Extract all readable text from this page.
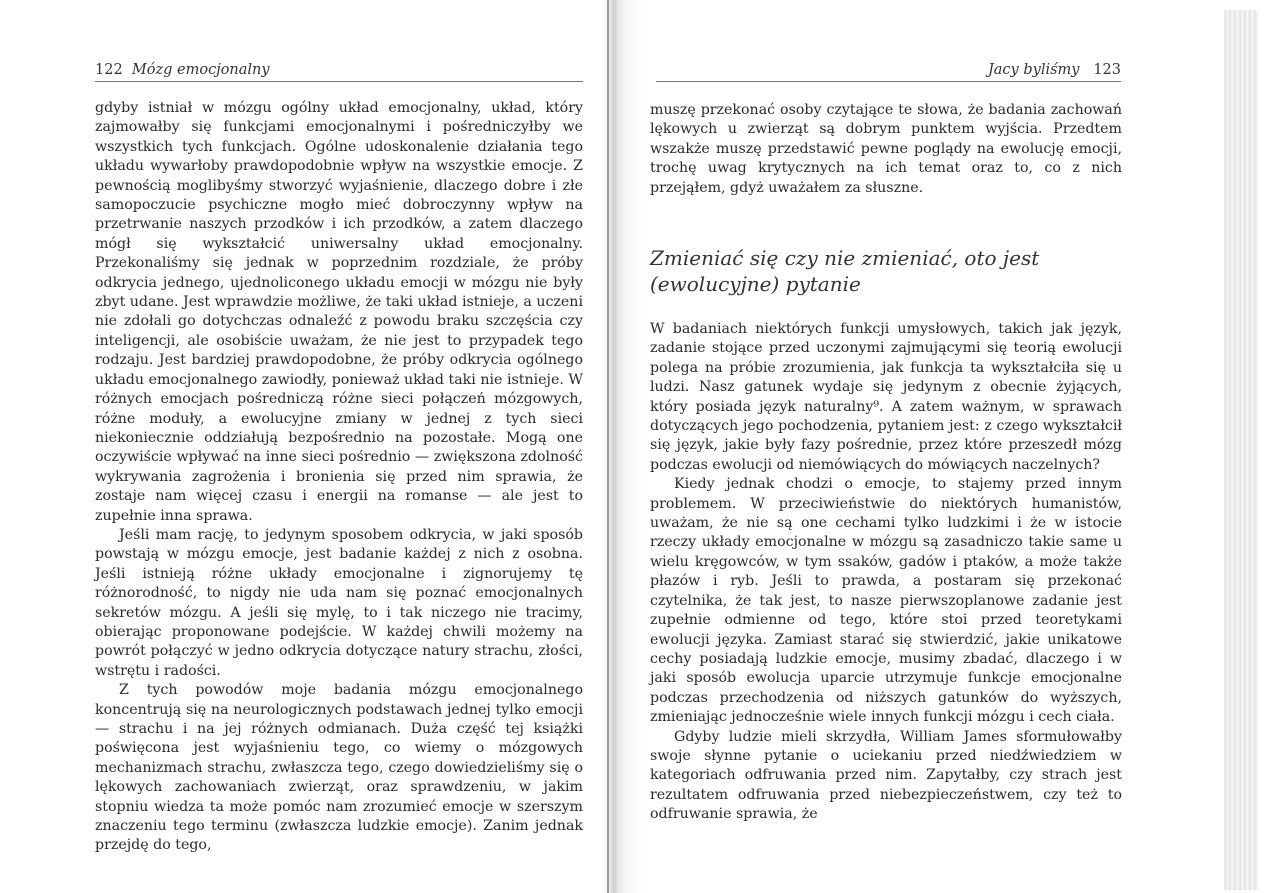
122 Mózg emocjonalny

gdyby istniał w mózgu ogólny układ emocjonalny, układ, który zajmowałby się funkcjami emocjonalnymi i pośredniczyłby we wszystkich tych funkcjach. Ogólne udoskonalenie działania tego układu wywarłoby prawdopodobnie wpływ na wszystkie emocje. Z pewnością moglibyśmy stworzyć wyjaśnienie, dlaczego dobre i złe samopoczucie psychiczne mogło mieć dobroczynny wpływ na przetrwanie naszych przodków i ich przodków, a zatem dlaczego mógł się wykształcić uniwersalny układ emocjonalny. Przekonaliśmy się jednak w poprzednim rozdziale, że próby odkrycia jednego, ujednoliconego układu emocji w mózgu nie były zbyt udane. Jest wprawdzie możliwe, że taki układ istnieje, a uczeni nie zdołali go dotychczas odnaleźć z powodu braku szczęścia czy inteligencji, ale osobiście uważam, że nie jest to przypadek tego rodzaju. Jest bardziej prawdopodobne, że próby odkrycia ogólnego układu emocjonalnego zawiodły, ponieważ układ taki nie istnieje. W różnych emocjach pośredniczą różne sieci połączeń mózgowych, różne moduły, a ewolucyjne zmiany w jednej z tych sieci niekoniecznie oddziałują bezpośrednio na pozostałe. Mogą one oczywiście wpływać na inne sieci pośrednio — zwiększona zdolność wykrywania zagrożenia i bronienia się przed nim sprawia, że zostaje nam więcej czasu i energii na romanse — ale jest to zupełnie inna sprawa.

Jeśli mam rację, to jedynym sposobem odkrycia, w jaki sposób powstają w mózgu emocje, jest badanie każdej z nich z osobna. Jeśli istnieją różne układy emocjonalne i zignorujemy tę różnorodność, to nigdy nie uda nam się poznać emocjonalnych sekretów mózgu. A jeśli się mylę, to i tak niczego nie tracimy, obierając proponowane podejście. W każdej chwili możemy na powrót połączyć w jedno odkrycia dotyczące natury strachu, złości, wstrętu i radości.

Z tych powodów moje badania mózgu emocjonalnego koncentrują się na neurologicznych podstawach jednej tylko emocji — strachu i na jej różnych odmianach. Duża część tej książki poświęcona jest wyjaśnieniu tego, co wiemy o mózgowych mechanizmach strachu, zwłaszcza tego, czego dowiedzieliśmy się o lękowych zachowaniach zwierząt, oraz sprawdzeniu, w jakim stopniu wiedza ta może pomóc nam zrozumieć emocje w szerszym znaczeniu tego terminu (zwłaszcza ludzkie emocje). Zanim jednak przejdę do tego,

Jacy byliśmy 123

muszę przekonać osoby czytające te słowa, że badania zachowań lękowych u zwierząt są dobrym punktem wyjścia. Przedtem wszakże muszę przedstawić pewne poglądy na ewolucję emocji, trochę uwag krytycznych na ich temat oraz to, co z nich przejąłem, gdyż uważałem za słuszne.

Zmieniać się czy nie zmieniać, oto jest
(ewolucyjne) pytanie

W badaniach niektórych funkcji umysłowych, takich jak język, zadanie stojące przed uczonymi zajmującymi się teorią ewolucji polega na próbie zrozumienia, jak funkcja ta wykształciła się u ludzi. Nasz gatunek wydaje się jedynym z obecnie żyjących, który posiada język naturalny⁹. A zatem ważnym, w sprawach dotyczących jego pochodzenia, pytaniem jest: z czego wykształcił się język, jakie były fazy pośrednie, przez które przeszedł mózg podczas ewolucji od niemówiących do mówiących naczelnych?

Kiedy jednak chodzi o emocje, to stajemy przed innym problemem. W przeciwieństwie do niektórych humanistów, uważam, że nie są one cechami tylko ludzkimi i że w istocie rzeczy układy emocjonalne w mózgu są zasadniczo takie same u wielu kręgowców, w tym ssaków, gadów i ptaków, a może także płazów i ryb. Jeśli to prawda, a postaram się przekonać czytelnika, że tak jest, to nasze pierwszoplanowe zadanie jest zupełnie odmienne od tego, które stoi przed teoretykami ewolucji języka. Zamiast starać się stwierdzić, jakie unikatowe cechy posiadają ludzkie emocje, musimy zbadać, dlaczego i w jaki sposób ewolucja uparcie utrzymuje funkcje emocjonalne podczas przechodzenia od niższych gatunków do wyższych, zmieniając jednocześnie wiele innych funkcji mózgu i cech ciała.

Gdyby ludzie mieli skrzydła, William James sformułowałby swoje słynne pytanie o uciekaniu przed niedźwiedziem w kategoriach odfruwania przed nim. Zapytałby, czy strach jest rezultatem odfruwania przed niebezpieczeństwem, czy też to odfruwanie sprawia, że
